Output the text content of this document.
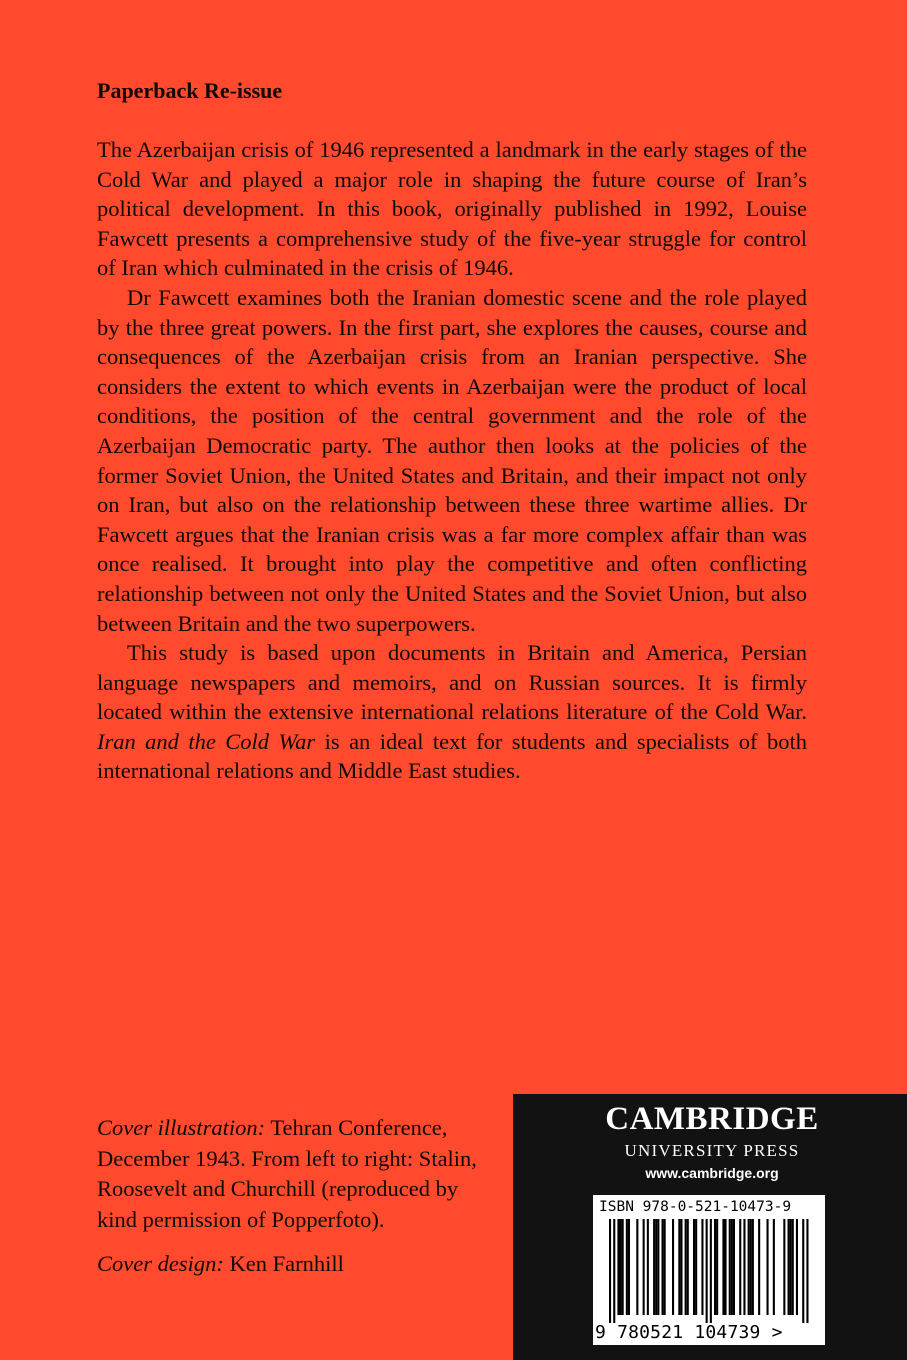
Paperback Re-issue

The Azerbaijan crisis of 1946 represented a landmark in the early stages of the Cold War and played a major role in shaping the future course of Iran’s political development. In this book, originally published in 1992, Louise Fawcett presents a comprehensive study of the five-year struggle for control of Iran which culminated in the crisis of 1946.

Dr Fawcett examines both the Iranian domestic scene and the role played by the three great powers. In the first part, she explores the causes, course and consequences of the Azerbaijan crisis from an Iranian perspective. She considers the extent to which events in Azerbaijan were the product of local conditions, the position of the central government and the role of the Azerbaijan Democratic party. The author then looks at the policies of the former Soviet Union, the United States and Britain, and their impact not only on Iran, but also on the relationship between these three wartime allies. Dr Fawcett argues that the Iranian crisis was a far more complex affair than was once realised. It brought into play the competitive and often conflicting relationship between not only the United States and the Soviet Union, but also between Britain and the two superpowers.

This study is based upon documents in Britain and America, Persian language newspapers and memoirs, and on Russian sources. It is firmly located within the extensive international relations literature of the Cold War. Iran and the Cold War is an ideal text for students and specialists of both international relations and Middle East studies.

Cover illustration: Tehran Conference, December 1943. From left to right: Stalin, Roosevelt and Churchill (reproduced by kind permission of Popperfoto).

Cover design: Ken Farnhill

CAMBRIDGE
UNIVERSITY PRESS
www.cambridge.org
ISBN 978-0-521-10473-9
9 780521 104739 >
